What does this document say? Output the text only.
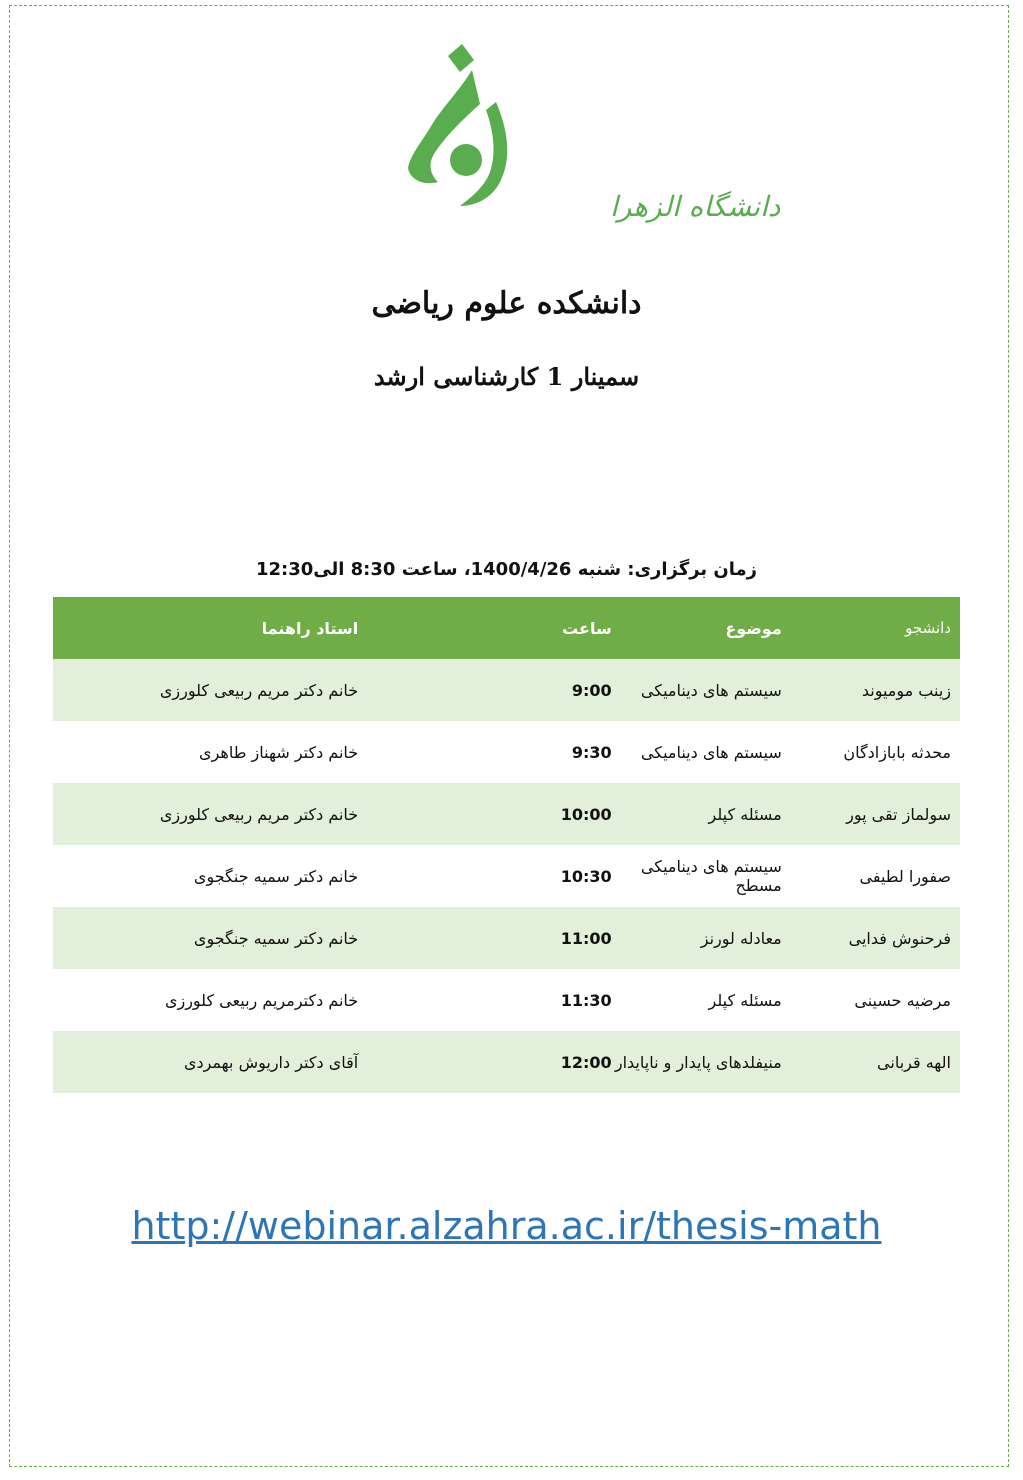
دانشگاه الزهرا
دانشکده علوم ریاضی
سمینار 1 کارشناسی ارشد
زمان برگزاری: شنبه 1400/4/26، ساعت 8:30 الی12:30
دانشجو	موضوع	ساعت	استاد راهنما
زینب مومیوند	سیستم های دینامیکی	9:00	خانم دکتر مریم ربیعی کلورزی
محدثه بابازادگان	سیستم های دینامیکی	9:30	خانم دکتر شهناز طاهری
سولماز تقی پور	مسئله کپلر	10:00	خانم دکتر مریم ربیعی کلورزی
صفورا لطیفی	سیستم های دینامیکی مسطح	10:30	خانم دکتر سمیه جنگجوی
فرحنوش فدایی	معادله لورنز	11:00	خانم دکتر سمیه جنگجوی
مرضیه حسینی	مسئله کپلر	11:30	خانم دکترمریم ربیعی کلورزی
الهه قربانی	منیفلدهای پایدار و ناپایدار	12:00	آقای دکتر داریوش بهمردی
http://webinar.alzahra.ac.ir/thesis-math
